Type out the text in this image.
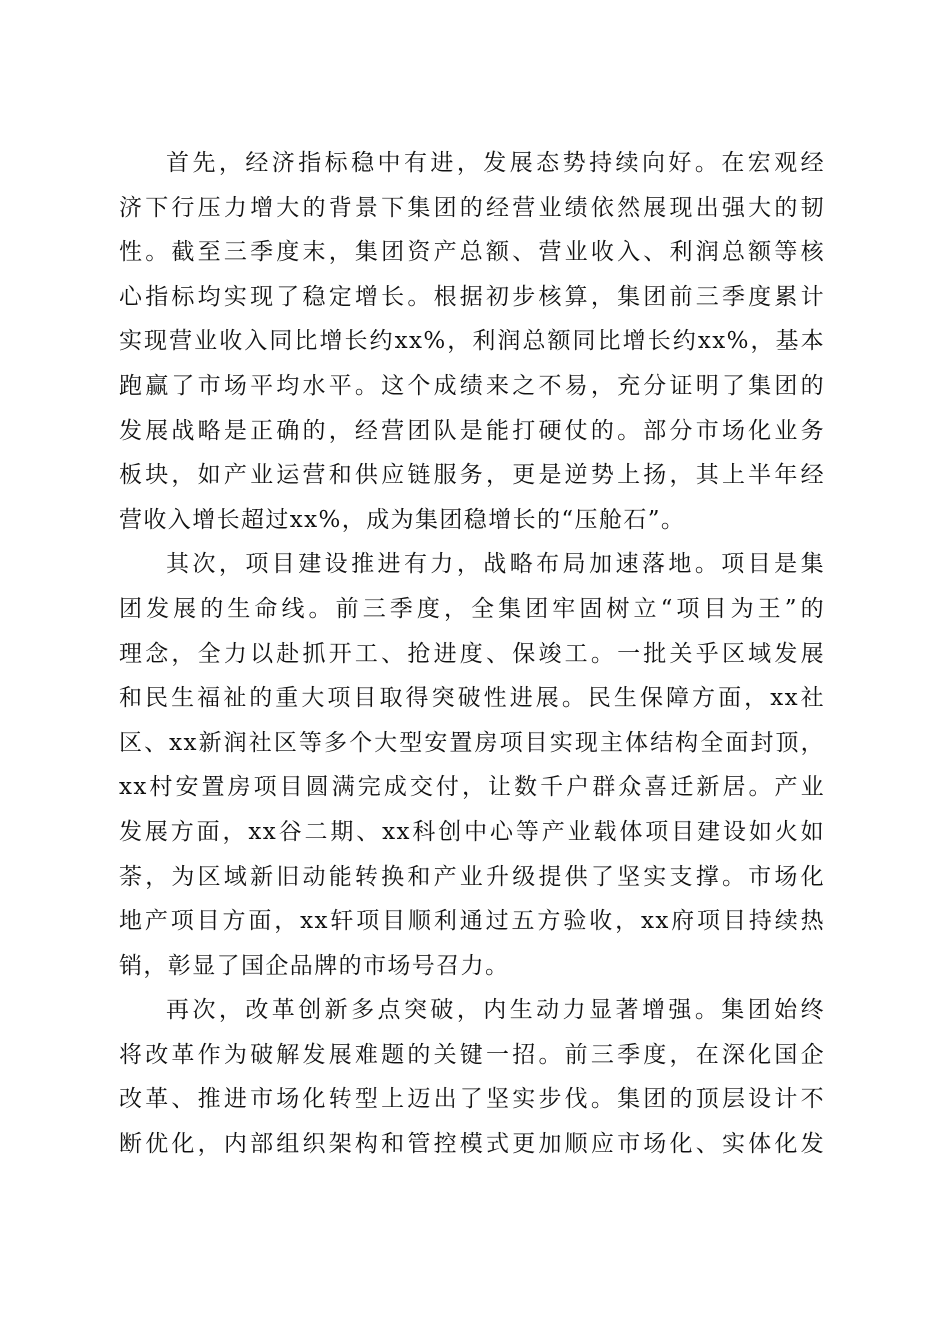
首先，经济指标稳中有进，发展态势持续向好。在宏观经
济下行压力增大的背景下集团的经营业绩依然展现出强大的韧
性。截至三季度末，集团资产总额、营业收入、利润总额等核
心指标均实现了稳定增长。根据初步核算，集团前三季度累计
实现营业收入同比增长约xx%，利润总额同比增长约xx%，基本
跑赢了市场平均水平。这个成绩来之不易，充分证明了集团的
发展战略是正确的，经营团队是能打硬仗的。部分市场化业务
板块，如产业运营和供应链服务，更是逆势上扬，其上半年经
营收入增长超过xx%，成为集团稳增长的“压舱石”。
其次，项目建设推进有力，战略布局加速落地。项目是集
团发展的生命线。前三季度，全集团牢固树立“项目为王”的
理念，全力以赴抓开工、抢进度、保竣工。一批关乎区域发展
和民生福祉的重大项目取得突破性进展。民生保障方面，xx社
区、xx新润社区等多个大型安置房项目实现主体结构全面封顶，
xx村安置房项目圆满完成交付，让数千户群众喜迁新居。产业
发展方面，xx谷二期、xx科创中心等产业载体项目建设如火如
荼，为区域新旧动能转换和产业升级提供了坚实支撑。市场化
地产项目方面，xx轩项目顺利通过五方验收，xx府项目持续热
销，彰显了国企品牌的市场号召力。
再次，改革创新多点突破，内生动力显著增强。集团始终
将改革作为破解发展难题的关键一招。前三季度，在深化国企
改革、推进市场化转型上迈出了坚实步伐。集团的顶层设计不
断优化，内部组织架构和管控模式更加顺应市场化、实体化发
